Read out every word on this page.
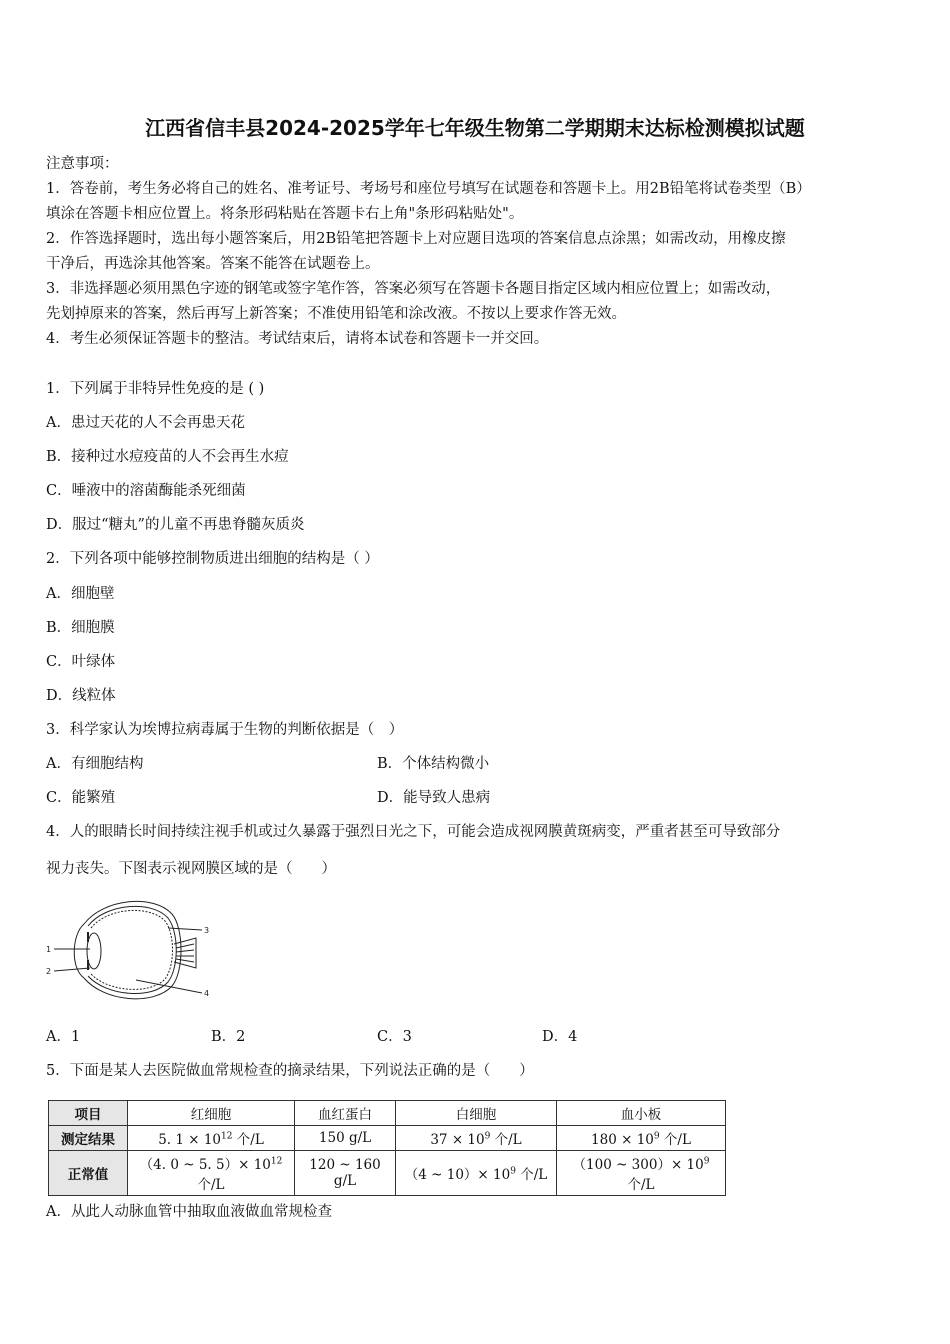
江西省信丰县2024-2025学年七年级生物第二学期期末达标检测模拟试题
注意事项：
1．答卷前，考生务必将自己的姓名、准考证号、考场号和座位号填写在试题卷和答题卡上。用2B铅笔将试卷类型（B）
填涂在答题卡相应位置上。将条形码粘贴在答题卡右上角"条形码粘贴处"。
2．作答选择题时，选出每小题答案后，用2B铅笔把答题卡上对应题目选项的答案信息点涂黑；如需改动，用橡皮擦
干净后，再选涂其他答案。答案不能答在试题卷上。
3．非选择题必须用黑色字迹的钢笔或签字笔作答，答案必须写在答题卡各题目指定区域内相应位置上；如需改动，
先划掉原来的答案，然后再写上新答案；不准使用铅笔和涂改液。不按以上要求作答无效。
4．考生必须保证答题卡的整洁。考试结束后，请将本试卷和答题卡一并交回。
1．下列属于非特异性免疫的是 ( )
A．患过天花的人不会再患天花
B．接种过水痘疫苗的人不会再生水痘
C．唾液中的溶菌酶能杀死细菌
D．服过“糖丸”的儿童不再患脊髓灰质炎
2．下列各项中能够控制物质进出细胞的结构是（ ）
A．细胞壁
B．细胞膜
C．叶绿体
D．线粒体
3．科学家认为埃博拉病毒属于生物的判断依据是（　）
A．有细胞结构	B．个体结构微小
C．能繁殖	D．能导致人患病
4．人的眼睛长时间持续注视手机或过久暴露于强烈日光之下，可能会造成视网膜黄斑病变，严重者甚至可导致部分
视力丧失。下图表示视网膜区域的是（　　）
1
2
3
4
A．1	B．2	C．3	D．4
5．下面是某人去医院做血常规检查的摘录结果，下列说法正确的是（　　）
项目	红细胞	血红蛋白	白细胞	血小板
测定结果	5. $1 \times 10^{12}$ 个/L	150 g/L	$37 \times 10^9$ 个/L	$180 \times 10^9$ 个/L
正常值	（4. 0 ~ 5. $5)\times 10^{12}$ 个/L	120 ~ 160 g/L	（4 ~ $10)\times 10^9$ 个/L	（100 ~ $300)\times 10^9$ 个/L
A．从此人动脉血管中抽取血液做血常规检查
